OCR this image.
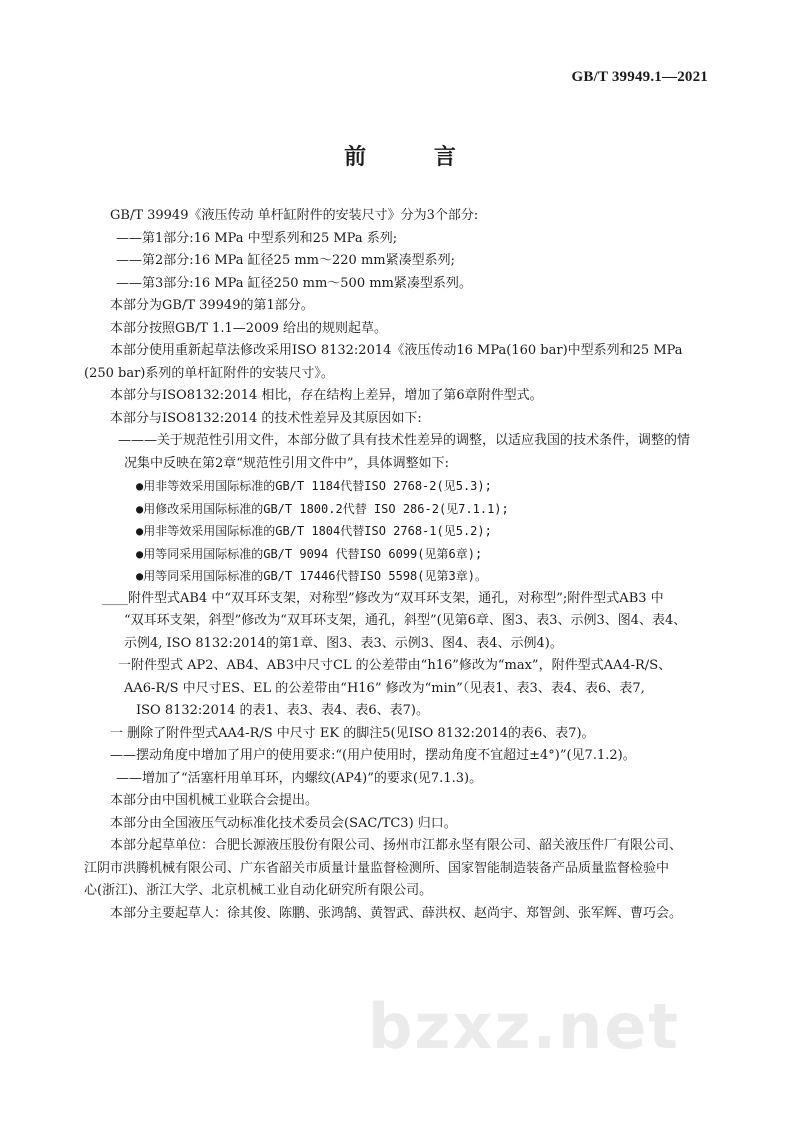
GB/T 39949.1—2021
前 言
GB/T 39949《液压传动 单杆缸附件的安装尺寸》分为3个部分:
——第1部分:16 MPa 中型系列和25 MPa 系列;
——第2部分:16 MPa 缸径25 mm～220 mm紧凑型系列;
——第3部分:16 MPa 缸径250 mm～500 mm紧凑型系列。
本部分为GB/T 39949的第1部分。
本部分按照GB/T 1.1—2009 给出的规则起草。
本部分使用重新起草法修改采用ISO 8132:2014《液压传动16 MPa(160 bar)中型系列和25 MPa
(250 bar)系列的单杆缸附件的安装尺寸》。
本部分与ISO8132:2014 相比，存在结构上差异，增加了第6章附件型式。
本部分与ISO8132:2014 的技术性差异及其原因如下:
———关于规范性引用文件，本部分做了具有技术性差异的调整，以适应我国的技术条件，调整的情
况集中反映在第2章“规范性引用文件中”，具体调整如下:
●用非等效采用国际标准的GB/T 1184代替ISO 2768-2(见5.3);
●用修改采用国际标准的GB/T 1800.2代替 ISO 286-2(见7.1.1);
●用非等效采用国际标准的GB/T 1804代替ISO 2768-1(见5.2);
●用等同采用国际标准的GB/T 9094 代替ISO 6099(见第6章);
●用等同采用国际标准的GB/T 17446代替ISO 5598(见第3章)。
____附件型式AB4 中“双耳环支架，对称型”修改为“双耳环支架，通孔，对称型”;附件型式AB3 中
“双耳环支架，斜型”修改为“双耳环支架，通孔，斜型”(见第6章、图3、表3、示例3、图4、表4、
示例4, ISO 8132:2014的第1章、图3、表3、示例3、图4、表4、示例4)。
一附件型式 AP2、AB4、AB3中尺寸CL 的公差带由“h16”修改为“max”，附件型式AA4-R/S、
AA6-R/S 中尺寸ES、EL 的公差带由“H16” 修改为“min”（见表1、表3、表4、表6、表7,
ISO 8132:2014 的表1、表3、表4、表6、表7)。
一 删除了附件型式AA4-R/S 中尺寸 EK 的脚注5(见ISO 8132:2014的表6、表7)。
——摆动角度中增加了用户的使用要求:“(用户使用时，摆动角度不宜超过±4°)”(见7.1.2)。
——增加了“活塞杆用单耳环，内螺纹(AP4)”的要求(见7.1.3)。
本部分由中国机械工业联合会提出。
本部分由全国液压气动标准化技术委员会(SAC/TC3) 归口。
本部分起草单位：合肥长源液压股份有限公司、扬州市江都永坚有限公司、韶关液压件厂有限公司、
江阴市洪腾机械有限公司、广东省韶关市质量计量监督检测所、国家智能制造装备产品质量监督检验中
心(浙江)、浙江大学、北京机械工业自动化研究所有限公司。
本部分主要起草人：徐其俊、陈鹏、张鸿鹄、黄智武、薛洪权、赵尚宇、郑智剑、张军辉、曹巧会。
bzxz.net
